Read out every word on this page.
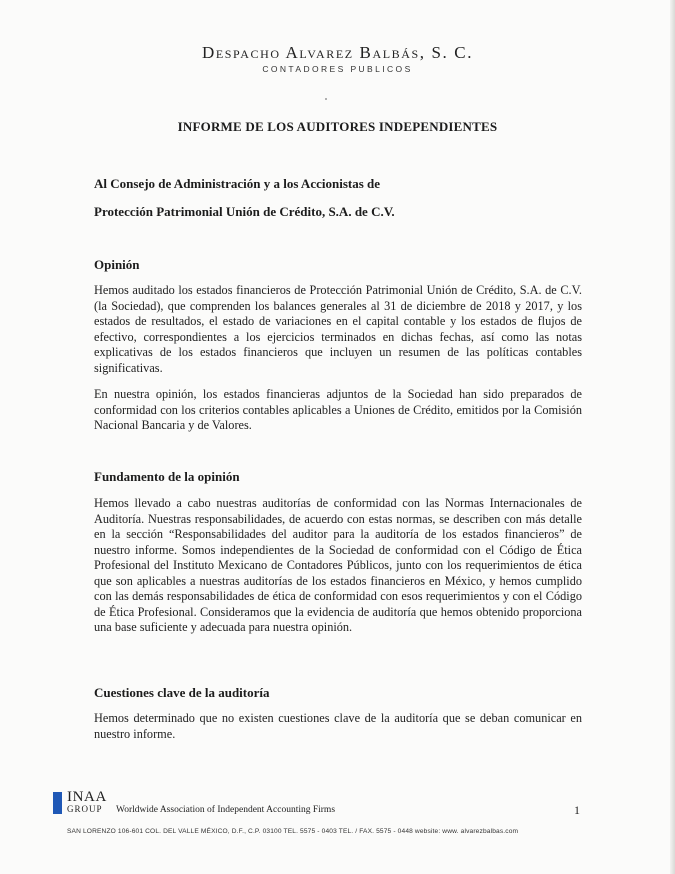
Despacho Alvarez Balbás, S. C.
CONTADORES PUBLICOS
INFORME DE LOS AUDITORES INDEPENDIENTES
Al Consejo de Administración y a los Accionistas de
Protección Patrimonial Unión de Crédito, S.A. de C.V.
Opinión

Hemos auditado los estados financieros de Protección Patrimonial Unión de Crédito, S.A. de C.V. (la Sociedad), que comprenden los balances generales al 31 de diciembre de 2018 y 2017, y los estados de resultados, el estado de variaciones en el capital contable y los estados de flujos de efectivo, correspondientes a los ejercicios terminados en dichas fechas, así como las notas explicativas de los estados financieros que incluyen un resumen de las políticas contables significativas.

En nuestra opinión, los estados financieras adjuntos de la Sociedad han sido preparados de conformidad con los criterios contables aplicables a Uniones de Crédito, emitidos por la Comisión Nacional Bancaria y de Valores.

Fundamento de la opinión

Hemos llevado a cabo nuestras auditorías de conformidad con las Normas Internacionales de Auditoría. Nuestras responsabilidades, de acuerdo con estas normas, se describen con más detalle en la sección “Responsabilidades del auditor para la auditoría de los estados financieros” de nuestro informe. Somos independientes de la Sociedad de conformidad con el Código de Ética Profesional del Instituto Mexicano de Contadores Públicos, junto con los requerimientos de ética que son aplicables a nuestras auditorías de los estados financieros en México, y hemos cumplido con las demás responsabilidades de ética de conformidad con esos requerimientos y con el Código de Ética Profesional. Consideramos que la evidencia de auditoría que hemos obtenido proporciona una base suficiente y adecuada para nuestra opinión.

Cuestiones clave de la auditoría

Hemos determinado que no existen cuestiones clave de la auditoría que se deban comunicar en nuestro informe.

INAA
GROUP Worldwide Association of Independent Accounting Firms	1
SAN LORENZO 106-601 COL. DEL VALLE MÉXICO, D.F., C.P. 03100 TEL. 5575 - 0403 TEL. / FAX. 5575 - 0448 website: www. alvarezbalbas.com
